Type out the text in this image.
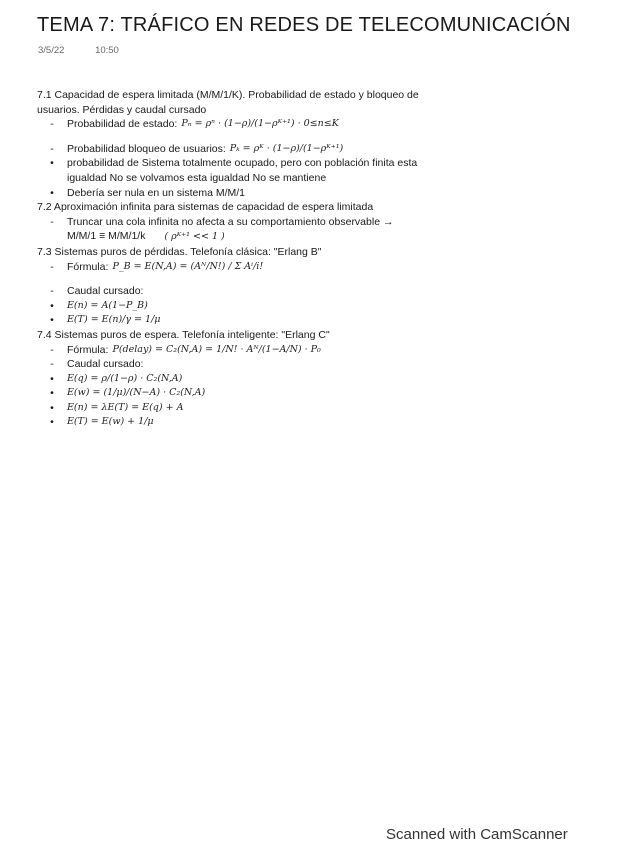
TEMA 7: TRÁFICO EN REDES DE TELECOMUNICACIÓN
3/5/22	10:50
7.1 Capacidad de espera limitada (M/M/1/K). Probabilidad de estado y bloqueo de usuarios. Pérdidas y caudal cursado
-	Probabilidad de estado: Pₙ = ρⁿ · (1−ρ)/(1−ρᴷ⁺¹) · 0≤n≤K
-	Probabilidad bloqueo de usuarios: Pₖ = ρᴷ · (1−ρ)/(1−ρᴷ⁺¹)
•	probabilidad de Sistema totalmente ocupado, pero con población finita esta
igualdad No se volvamos esta igualdad No se mantiene
•	Debería ser nula en un sistema M/M/1
7.2 Aproximación infinita para sistemas de capacidad de espera limitada
-	Truncar una cola infinita no afecta a su comportamiento observable →
M/M/1 ≡ M/M/1/k ( ρᴷ⁺¹ << 1 )
7.3 Sistemas puros de pérdidas. Telefonía clásica: "Erlang B"
-	Fórmula: P_B = E(N,A) = (Aᴺ/N!) / Σ Aⁱ/i!
-	Caudal cursado:
•	E(n) = A(1−P_B)
•	E(T) = E(n)/γ = 1/μ
7.4 Sistemas puros de espera. Telefonía inteligente: "Erlang C"
-	Fórmula: P(delay) = C₂(N,A) = 1/N! · Aᴺ/(1−A/N) · P₀
-	Caudal cursado:
•	E(q) = ρ/(1−ρ) · C₂(N,A)
•	E(w) = (1/μ)/(N−A) · C₂(N,A)
•	E(n) = λE(T) = E(q) + A
•	E(T) = E(w) + 1/μ
Scanned with CamScanner
